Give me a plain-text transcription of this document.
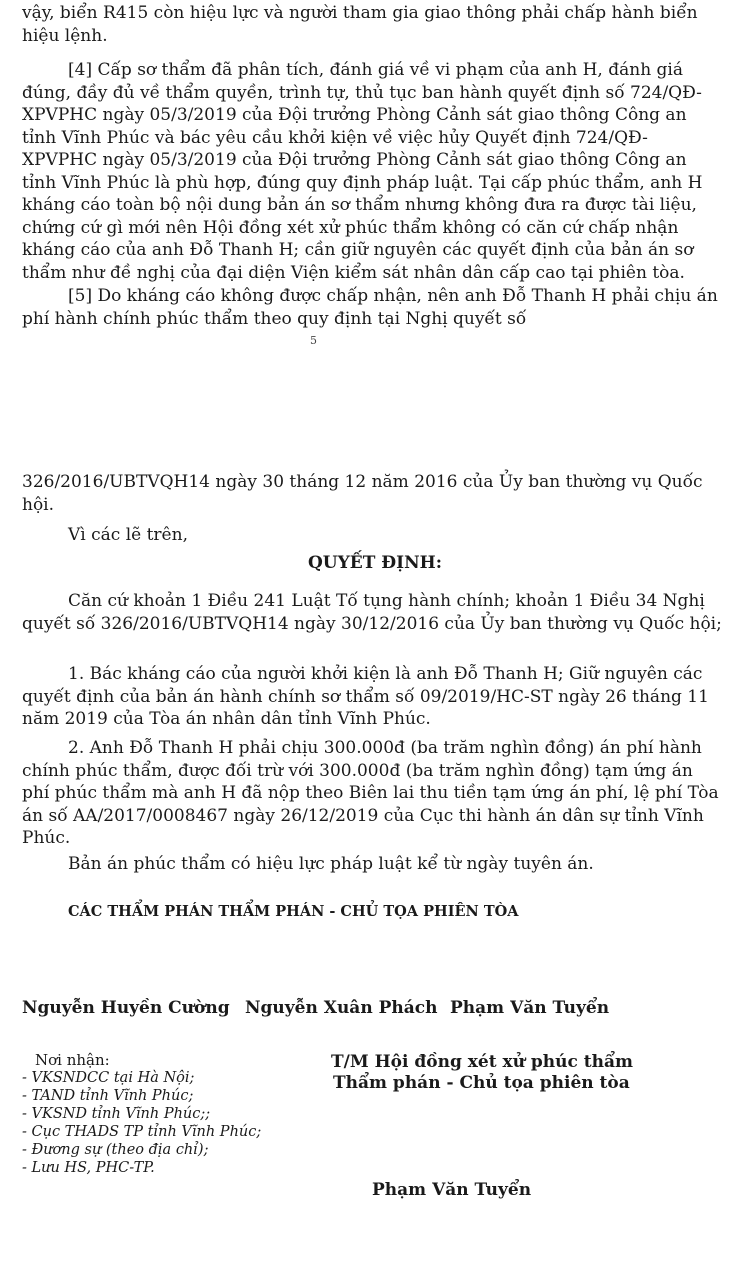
vậy, biển R415 còn hiệu lực và người tham gia giao thông phải chấp hành biển hiệu lệnh.

[4] Cấp sơ thẩm đã phân tích, đánh giá về vi phạm của anh H, đánh giá đúng, đầy đủ về thẩm quyền, trình tự, thủ tục ban hành quyết định số 724/QĐ-XPVPHC ngày 05/3/2019 của Đội trưởng Phòng Cảnh sát giao thông Công an tỉnh Vĩnh Phúc và bác yêu cầu khởi kiện về việc hủy Quyết định 724/QĐ-XPVPHC ngày 05/3/2019 của Đội trưởng Phòng Cảnh sát giao thông Công an tỉnh Vĩnh Phúc là phù hợp, đúng quy định pháp luật. Tại cấp phúc thẩm, anh H kháng cáo toàn bộ nội dung bản án sơ thẩm nhưng không đưa ra được tài liệu, chứng cứ gì mới nên Hội đồng xét xử phúc thẩm không có căn cứ chấp nhận kháng cáo của anh Đỗ Thanh H; cần giữ nguyên các quyết định của bản án sơ thẩm như đề nghị của đại diện Viện kiểm sát nhân dân cấp cao tại phiên tòa.

[5] Do kháng cáo không được chấp nhận, nên anh Đỗ Thanh H phải chịu án phí hành chính phúc thẩm theo quy định tại Nghị quyết số

5

326/2016/UBTVQH14 ngày 30 tháng 12 năm 2016 của Ủy ban thường vụ Quốc hội.

Vì các lẽ trên,

QUYẾT ĐỊNH:

Căn cứ khoản 1 Điều 241 Luật Tố tụng hành chính; khoản 1 Điều 34 Nghị quyết số 326/2016/UBTVQH14 ngày 30/12/2016 của Ủy ban thường vụ Quốc hội;

1. Bác kháng cáo của người khởi kiện là anh Đỗ Thanh H; Giữ nguyên các quyết định của bản án hành chính sơ thẩm số 09/2019/HC-ST ngày 26 tháng 11 năm 2019 của Tòa án nhân dân tỉnh Vĩnh Phúc.

2. Anh Đỗ Thanh H phải chịu 300.000đ (ba trăm nghìn đồng) án phí hành chính phúc thẩm, được đối trừ với 300.000đ (ba trăm nghìn đồng) tạm ứng án phí phúc thẩm mà anh H đã nộp theo Biên lai thu tiền tạm ứng án phí, lệ phí Tòa án số AA/2017/0008467 ngày 26/12/2019 của Cục thi hành án dân sự tỉnh Vĩnh Phúc.

Bản án phúc thẩm có hiệu lực pháp luật kể từ ngày tuyên án.

CÁC THẨM PHÁN THẨM PHÁN - CHỦ TỌA PHIÊN TÒA
Nguyễn Huyền Cường Nguyễn Xuân Phách Phạm Văn Tuyển
Nơi nhận:
- VKSNDCC tại Hà Nội;
- TAND tỉnh Vĩnh Phúc;
- VKSND tỉnh Vĩnh Phúc;;
- Cục THADS TP tỉnh Vĩnh Phúc;
- Đương sự (theo địa chỉ);
- Lưu HS, PHC-TP.
T/M Hội đồng xét xử phúc thẩm
Thẩm phán - Chủ tọa phiên tòa
Phạm Văn Tuyển
